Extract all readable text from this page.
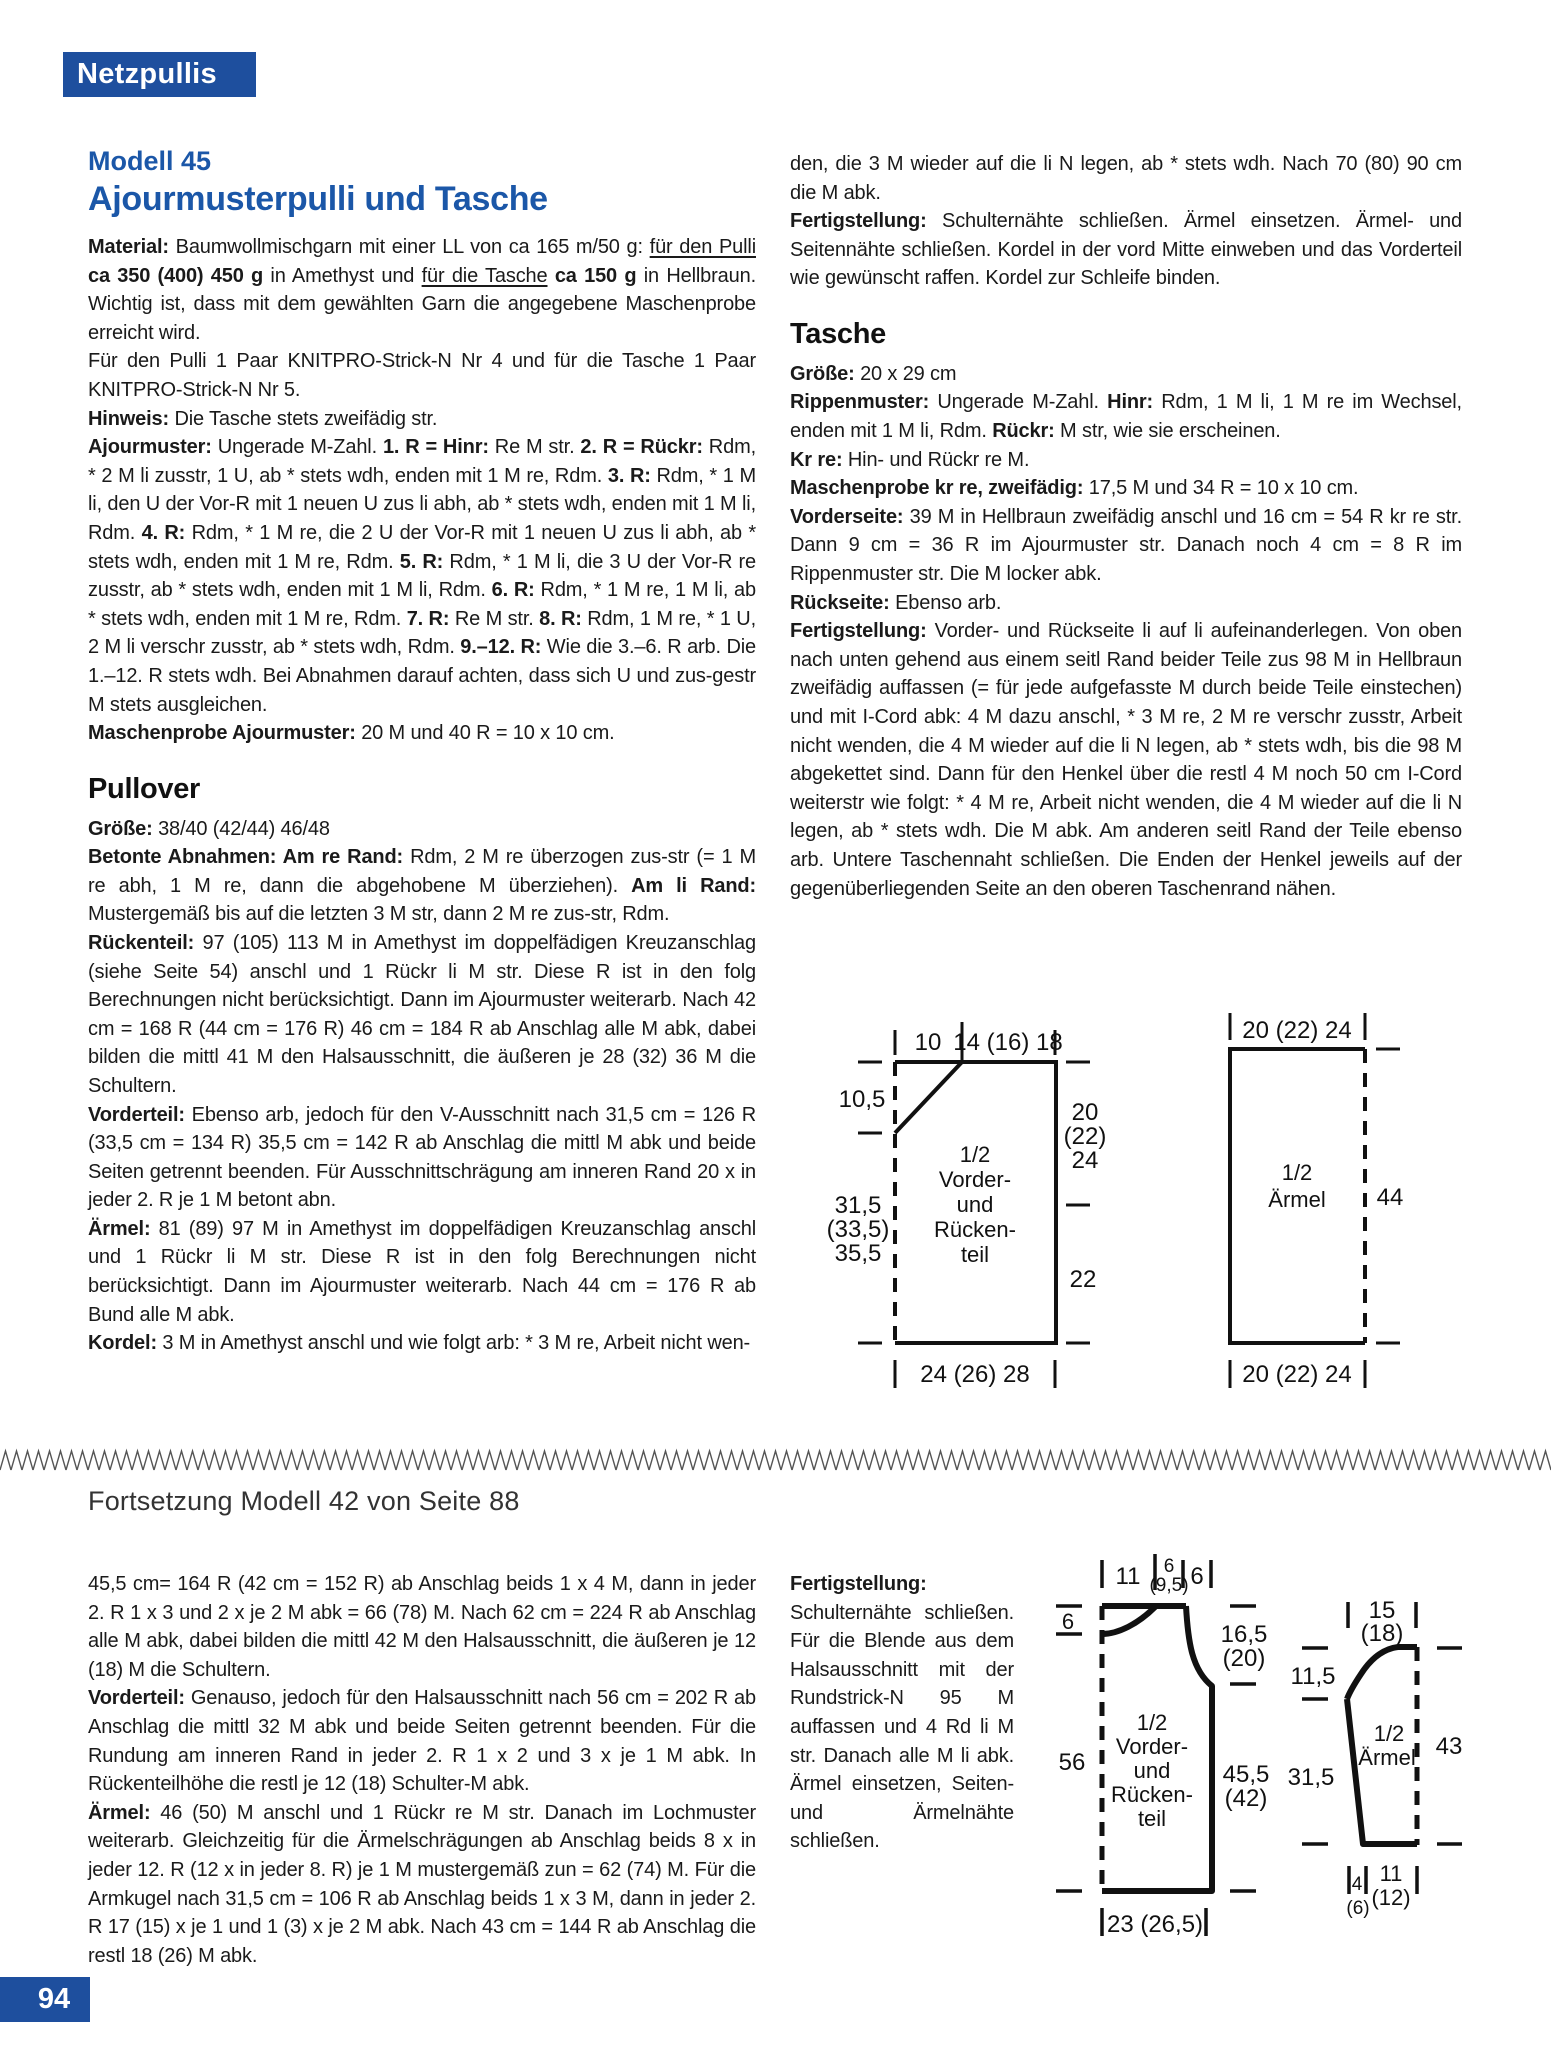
Netzpullis
Modell 45
Ajourmusterpulli und Tasche

Material: Baumwollmischgarn mit einer LL von ca 165 m/50 g: für den Pulli ca 350 (400) 450 g in Amethyst und für die Tasche ca 150 g in Hellbraun. Wichtig ist, dass mit dem gewählten Garn die angegebene Maschenprobe erreicht wird.

Für den Pulli 1 Paar KNITPRO-Strick-N Nr 4 und für die Tasche 1 Paar KNITPRO-Strick-N Nr 5.

Hinweis: Die Tasche stets zweifädig str.

Ajourmuster: Ungerade M-Zahl. 1. R = Hinr: Re M str. 2. R = Rückr: Rdm, * 2 M li zusstr, 1 U, ab * stets wdh, enden mit 1 M re, Rdm. 3. R: Rdm, * 1 M li, den U der Vor-R mit 1 neuen U zus li abh, ab * stets wdh, enden mit 1 M li, Rdm. 4. R: Rdm, * 1 M re, die 2 U der Vor-R mit 1 neuen U zus li abh, ab * stets wdh, enden mit 1 M re, Rdm. 5. R: Rdm, * 1 M li, die 3 U der Vor-R re zusstr, ab * stets wdh, enden mit 1 M li, Rdm. 6. R: Rdm, * 1 M re, 1 M li, ab * stets wdh, enden mit 1 M re, Rdm. 7. R: Re M str. 8. R: Rdm, 1 M re, * 1 U, 2 M li verschr zusstr, ab * stets wdh, Rdm. 9.–12. R: Wie die 3.–6. R arb. Die 1.–12. R stets wdh. Bei Abnahmen darauf achten, dass sich U und zus-gestr M stets ausgleichen.

Maschenprobe Ajourmuster: 20 M und 40 R = 10 x 10 cm.

Pullover

Größe: 38/40 (42/44) 46/48

Betonte Abnahmen: Am re Rand: Rdm, 2 M re überzogen zus-str (= 1 M re abh, 1 M re, dann die abgehobene M überziehen). Am li Rand: Mustergemäß bis auf die letzten 3 M str, dann 2 M re zus-str, Rdm.

Rückenteil: 97 (105) 113 M in Amethyst im doppelfädigen Kreuzanschlag (siehe Seite 54) anschl und 1 Rückr li M str. Diese R ist in den folg Berechnungen nicht berücksichtigt. Dann im Ajourmuster weiterarb. Nach 42 cm = 168 R (44 cm = 176 R) 46 cm = 184 R ab Anschlag alle M abk, dabei bilden die mittl 41 M den Halsausschnitt, die äußeren je 28 (32) 36 M die Schultern.

Vorderteil: Ebenso arb, jedoch für den V-Ausschnitt nach 31,5 cm = 126 R (33,5 cm = 134 R) 35,5 cm = 142 R ab Anschlag die mittl M abk und beide Seiten getrennt beenden. Für Ausschnittschrägung am inneren Rand 20 x in jeder 2. R je 1 M betont abn.

Ärmel: 81 (89) 97 M in Amethyst im doppelfädigen Kreuzanschlag anschl und 1 Rückr li M str. Diese R ist in den folg Berechnungen nicht berücksichtigt. Dann im Ajourmuster weiterarb. Nach 44 cm = 176 R ab Bund alle M abk.

Kordel: 3 M in Amethyst anschl und wie folgt arb: * 3 M re, Arbeit nicht wen-

den, die 3 M wieder auf die li N legen, ab * stets wdh. Nach 70 (80) 90 cm die M abk.

Fertigstellung: Schulternähte schließen. Ärmel einsetzen. Ärmel- und Seitennähte schließen. Kordel in der vord Mitte einweben und das Vorderteil wie gewünscht raffen. Kordel zur Schleife binden.

Tasche

Größe: 20 x 29 cm

Rippenmuster: Ungerade M-Zahl. Hinr: Rdm, 1 M li, 1 M re im Wechsel, enden mit 1 M li, Rdm. Rückr: M str, wie sie erscheinen.

Kr re: Hin- und Rückr re M.

Maschenprobe kr re, zweifädig: 17,5 M und 34 R = 10 x 10 cm.

Vorderseite: 39 M in Hellbraun zweifädig anschl und 16 cm = 54 R kr re str. Dann 9 cm = 36 R im Ajourmuster str. Danach noch 4 cm = 8 R im Rippenmuster str. Die M locker abk.

Rückseite: Ebenso arb.

Fertigstellung: Vorder- und Rückseite li auf li aufeinanderlegen. Von oben nach unten gehend aus einem seitl Rand beider Teile zus 98 M in Hellbraun zweifädig auffassen (= für jede aufgefasste M durch beide Teile einstechen) und mit I-Cord abk: 4 M dazu anschl, * 3 M re, 2 M re verschr zusstr, Arbeit nicht wenden, die 4 M wieder auf die li N legen, ab * stets wdh, bis die 98 M abgekettet sind. Dann für den Henkel über die restl 4 M noch 50 cm I-Cord weiterstr wie folgt: * 4 M re, Arbeit nicht wenden, die 4 M wieder auf die li N legen, ab * stets wdh. Die M abk. Am anderen seitl Rand der Teile ebenso arb. Untere Taschennaht schließen. Die Enden der Henkel jeweils auf der gegenüberliegenden Seite an den oberen Taschenrand nähen.

10 14 (16) 18
10,5
31,5
(33,5)
35,5
20
(22)
24
22
24 (26) 28
1/2
Vorder-
und
Rücken-
teil
20 (22) 24
44
20 (22) 24
1/2
Ärmel
Fortsetzung Modell 42 von Seite 88

45,5 cm= 164 R (42 cm = 152 R) ab Anschlag beids 1 x 4 M, dann in jeder 2. R 1 x 3 und 2 x je 2 M abk = 66 (78) M. Nach 62 cm = 224 R ab Anschlag alle M abk, dabei bilden die mittl 42 M den Halsausschnitt, die äußeren je 12 (18) M die Schultern.

Vorderteil: Genauso, jedoch für den Halsausschnitt nach 56 cm = 202 R ab Anschlag die mittl 32 M abk und beide Seiten getrennt beenden. Für die Rundung am inneren Rand in jeder 2. R 1 x 2 und 3 x je 1 M abk. In Rückenteilhöhe die restl je 12 (18) Schulter-M abk.

Ärmel: 46 (50) M anschl und 1 Rückr re M str. Danach im Lochmuster weiterarb. Gleichzeitig für die Ärmelschrägungen ab Anschlag beids 8 x in jeder 12. R (12 x in jeder 8. R) je 1 M mustergemäß zun = 62 (74) M. Für die Armkugel nach 31,5 cm = 106 R ab Anschlag beids 1 x 3 M, dann in jeder 2. R 17 (15) x je 1 und 1 (3) x je 2 M abk. Nach 43 cm = 144 R ab Anschlag die restl 18 (26) M abk.

Fertigstellung: Schulternähte schließen. Für die Blende aus dem Halsausschnitt mit der Rundstrick-N 95 M auffassen und 4 Rd li M str. Danach alle M li abk. Ärmel einsetzen, Seiten- und Ärmelnähte schließen.

11 6
(9,5) 6
6
56
16,5
(20)
45,5
(42)
23 (26,5)
1/2
Vorder-
und
Rücken-
teil
15
(18)
11,5
31,5
43
4
(6)
11
(12)
1/2
Ärmel
94
